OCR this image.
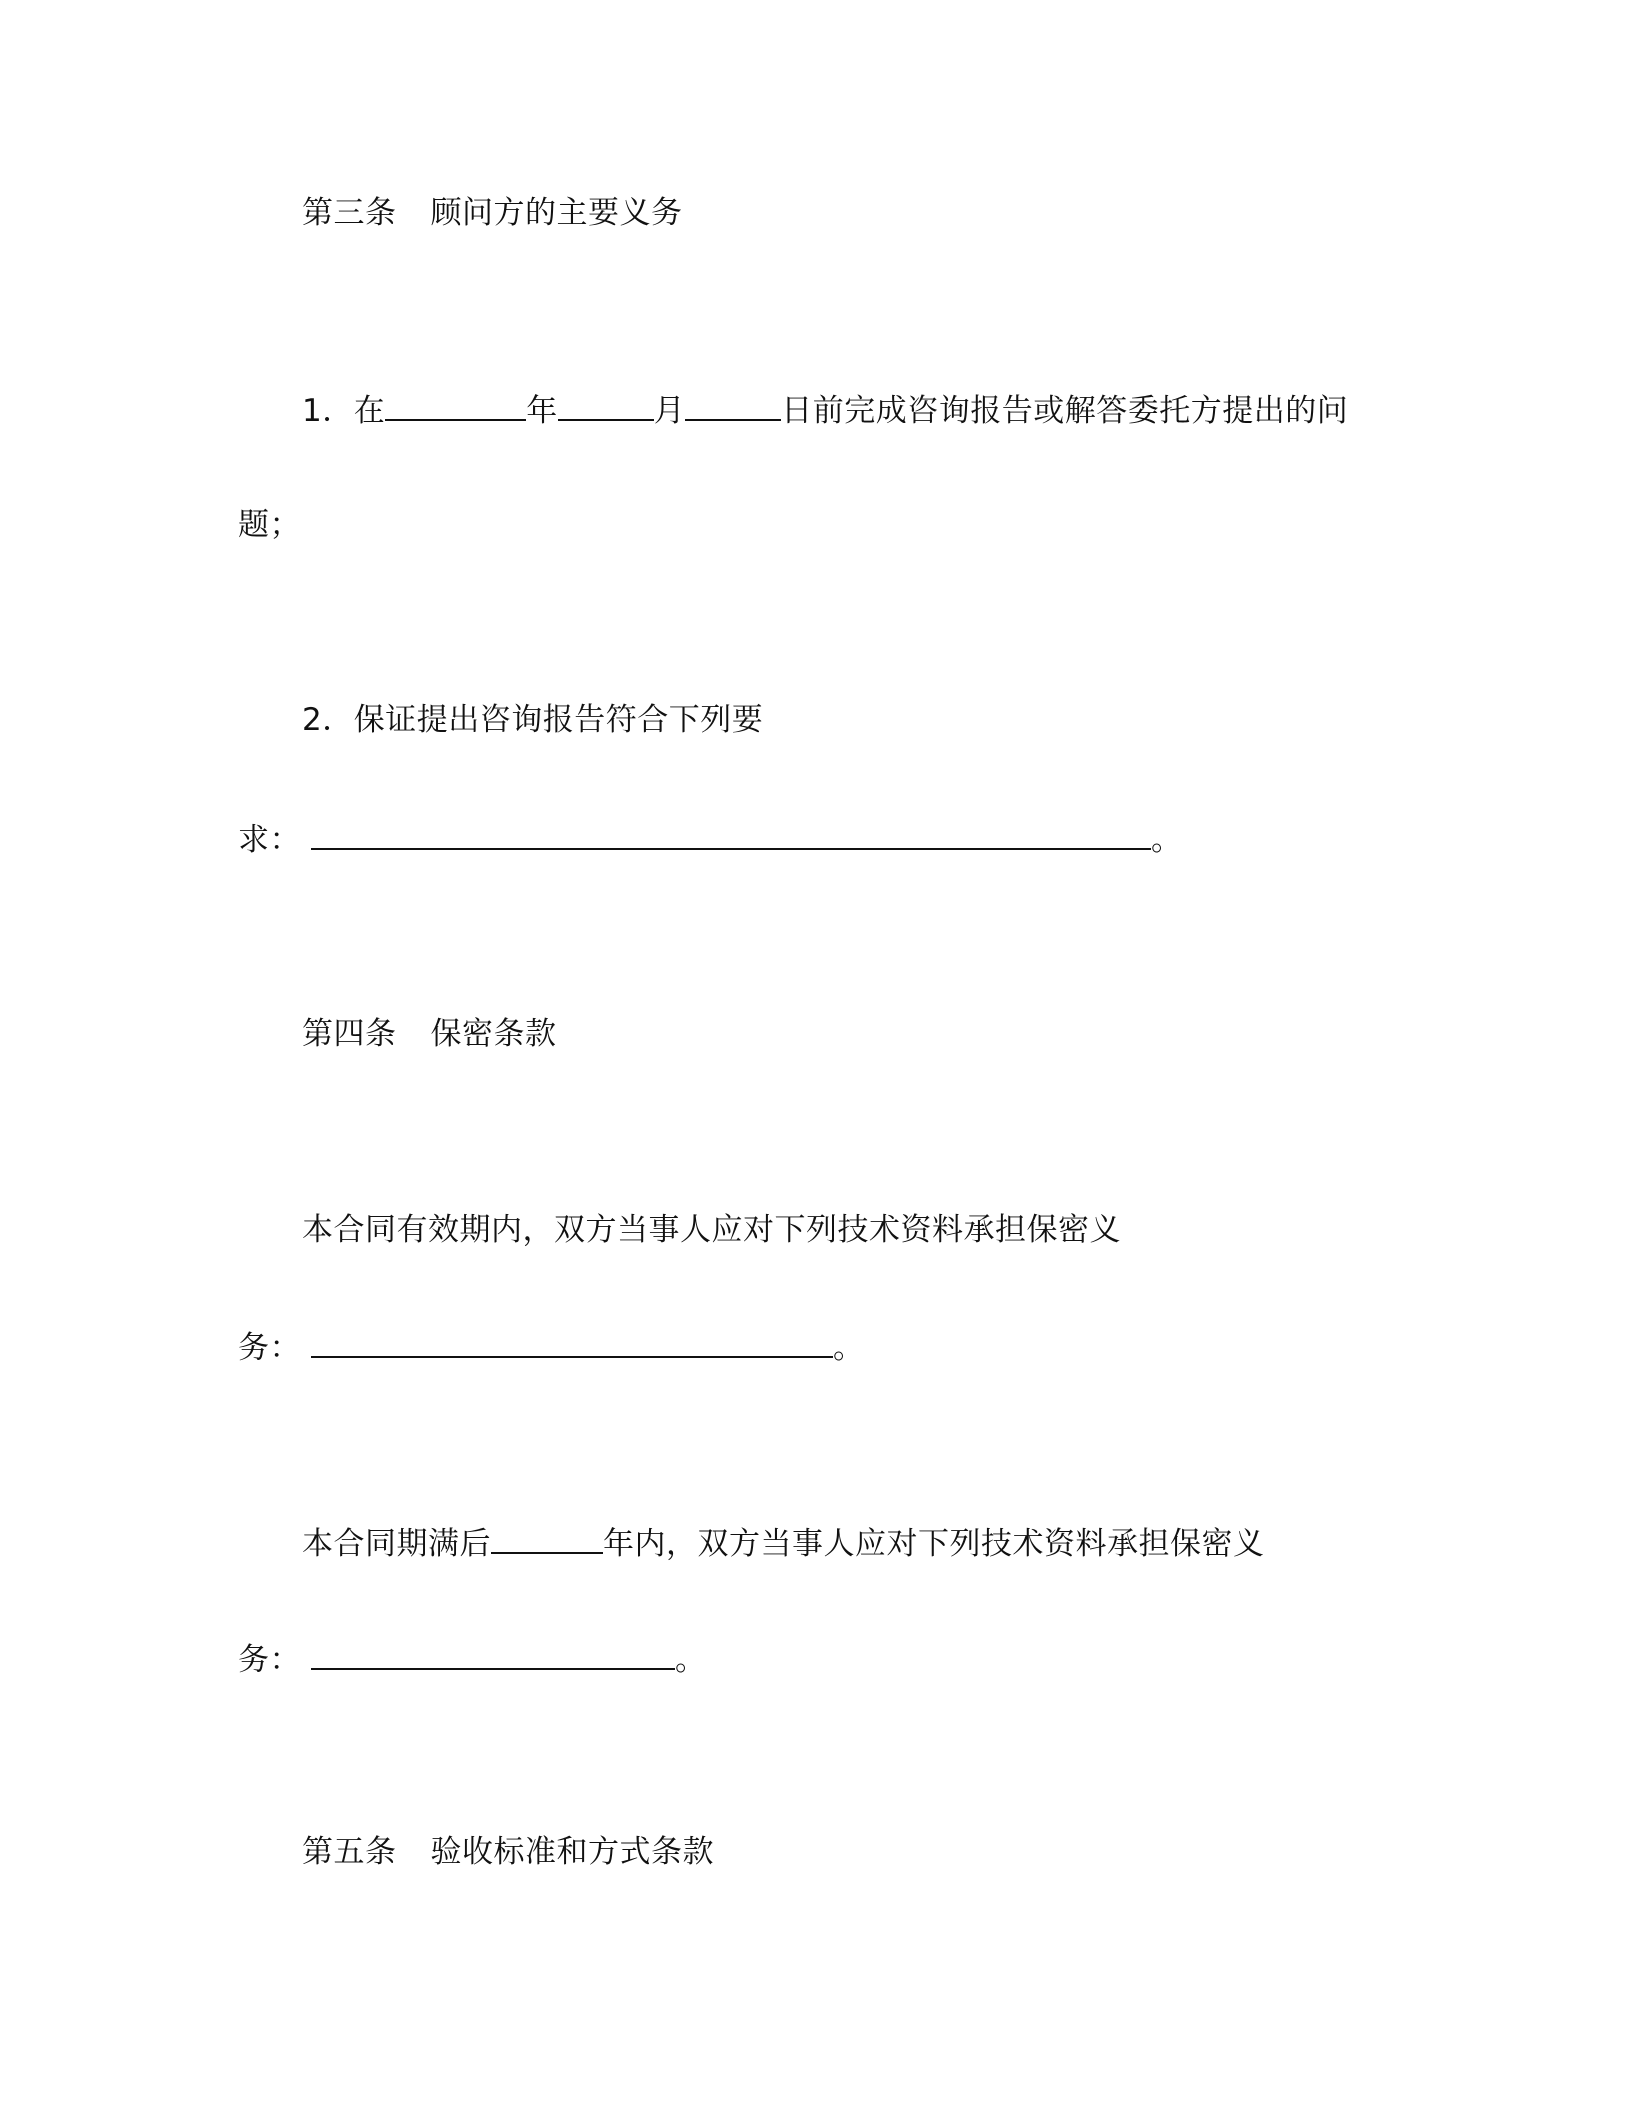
第三条 顾问方的主要义务
1．在	年	月	日前完成咨询报告或解答委托方提出的问
题；
2．保证提出咨询报告符合下列要
求：	。
第四条 保密条款
本合同有效期内，双方当事人应对下列技术资料承担保密义
务：	。
本合同期满后	年内，双方当事人应对下列技术资料承担保密义
务：	。
第五条 验收标准和方式条款
